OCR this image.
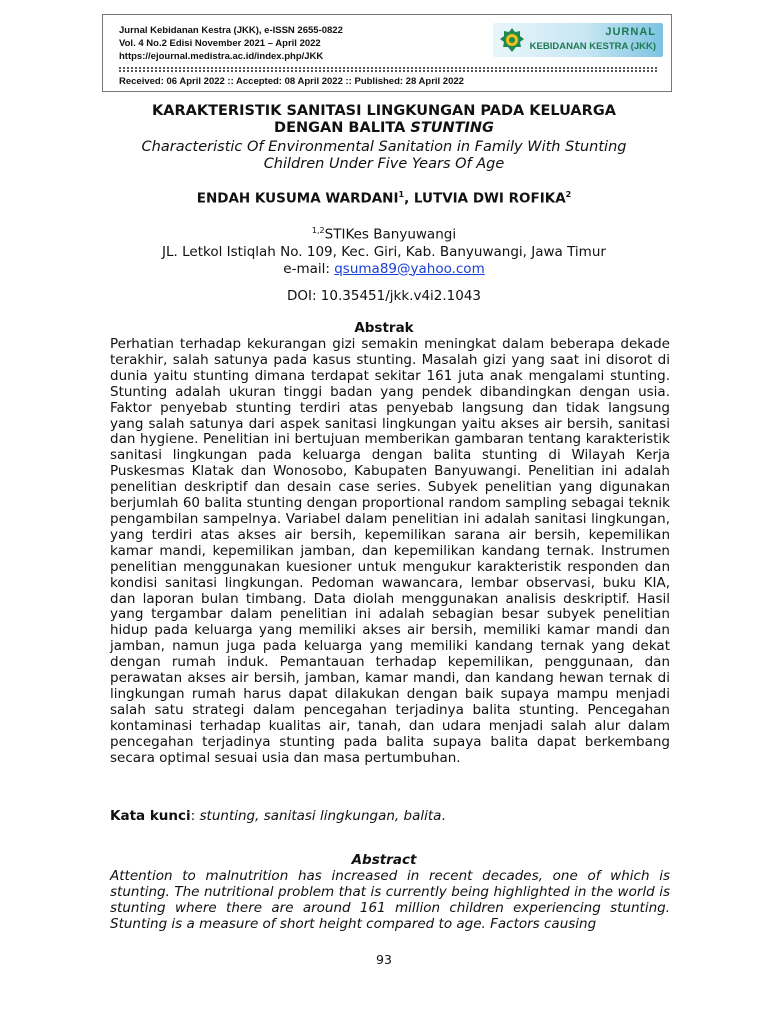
Jurnal Kebidanan Kestra (JKK), e-ISSN 2655-0822
Vol. 4 No.2 Edisi November 2021 – April 2022
https://ejournal.medistra.ac.id/index.php/JKK
JURNAL
KEBIDANAN KESTRA (JKK)
Received: 06 April 2022 :: Accepted: 08 April 2022 :: Published: 28 April 2022
KARAKTERISTIK SANITASI LINGKUNGAN PADA KELUARGA
DENGAN BALITA STUNTING
Characteristic Of Environmental Sanitation in Family With Stunting
Children Under Five Years Of Age
ENDAH KUSUMA WARDANI$^1$, LUTVIA DWI ROFIKA$^2$
$^{1,2}$STIKes Banyuwangi
JL. Letkol Istiqlah No. 109, Kec. Giri, Kab. Banyuwangi, Jawa Timur
e-mail: qsuma89@yahoo.com
DOI: 10.35451/jkk.v4i2.1043
Abstrak

Perhatian terhadap kekurangan gizi semakin meningkat dalam beberapa dekade terakhir, salah satunya pada kasus stunting. Masalah gizi yang saat ini disorot di dunia yaitu stunting dimana terdapat sekitar 161 juta anak mengalami stunting. Stunting adalah ukuran tinggi badan yang pendek dibandingkan dengan usia. Faktor penyebab stunting terdiri atas penyebab langsung dan tidak langsung yang salah satunya dari aspek sanitasi lingkungan yaitu akses air bersih, sanitasi dan hygiene. Penelitian ini bertujuan memberikan gambaran tentang karakteristik sanitasi lingkungan pada keluarga dengan balita stunting di Wilayah Kerja Puskesmas Klatak dan Wonosobo, Kabupaten Banyuwangi. Penelitian ini adalah penelitian deskriptif dan desain case series. Subyek penelitian yang digunakan berjumlah 60 balita stunting dengan proportional random sampling sebagai teknik pengambilan sampelnya. Variabel dalam penelitian ini adalah sanitasi lingkungan, yang terdiri atas akses air bersih, kepemilikan sarana air bersih, kepemilikan kamar mandi, kepemilikan jamban, dan kepemilikan kandang ternak. Instrumen penelitian menggunakan kuesioner untuk mengukur karakteristik responden dan kondisi sanitasi lingkungan. Pedoman wawancara, lembar observasi, buku KIA, dan laporan bulan timbang. Data diolah menggunakan analisis deskriptif. Hasil yang tergambar dalam penelitian ini adalah sebagian besar subyek penelitian hidup pada keluarga yang memiliki akses air bersih, memiliki kamar mandi dan jamban, namun juga pada keluarga yang memiliki kandang ternak yang dekat dengan rumah induk. Pemantauan terhadap kepemilikan, penggunaan, dan perawatan akses air bersih, jamban, kamar mandi, dan kandang hewan ternak di lingkungan rumah harus dapat dilakukan dengan baik supaya mampu menjadi salah satu strategi dalam pencegahan terjadinya balita stunting. Pencegahan kontaminasi terhadap kualitas air, tanah, dan udara menjadi salah alur dalam pencegahan terjadinya stunting pada balita supaya balita dapat berkembang secara optimal sesuai usia dan masa pertumbuhan.

Kata kunci: stunting, sanitasi lingkungan, balita.
Abstract

Attention to malnutrition has increased in recent decades, one of which is stunting. The nutritional problem that is currently being highlighted in the world is stunting where there are around 161 million children experiencing stunting. Stunting is a measure of short height compared to age. Factors causing

93
